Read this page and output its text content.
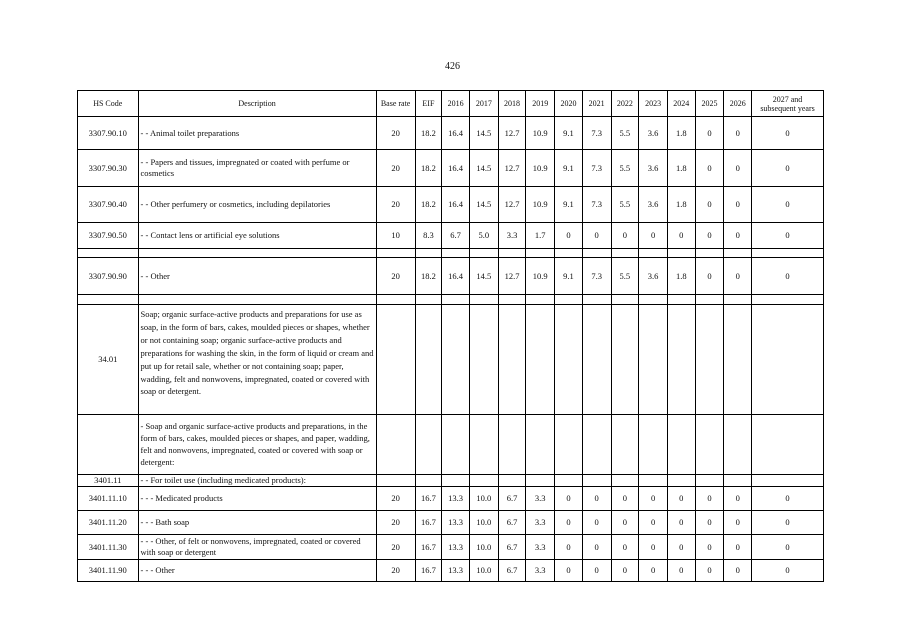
426
HS Code	Description	Base rate	EIF	2016	2017	2018	2019	2020	2021	2022	2023	2024	2025	2026	2027 and subsequent years
3307.90.10	- - Animal toilet preparations	20	18.2	16.4	14.5	12.7	10.9	9.1	7.3	5.5	3.6	1.8	0	0	0
3307.90.30	- - Papers and tissues, impregnated or coated with perfume or cosmetics	20	18.2	16.4	14.5	12.7	10.9	9.1	7.3	5.5	3.6	1.8	0	0	0
3307.90.40	- - Other perfumery or cosmetics, including depilatories	20	18.2	16.4	14.5	12.7	10.9	9.1	7.3	5.5	3.6	1.8	0	0	0
3307.90.50	- - Contact lens or artificial eye solutions	10	8.3	6.7	5.0	3.3	1.7	0	0	0	0	0	0	0	0

3307.90.90	- - Other	20	18.2	16.4	14.5	12.7	10.9	9.1	7.3	5.5	3.6	1.8	0	0	0

34.01	Soap; organic surface-active products and preparations for use as soap, in the form of bars, cakes, moulded pieces or shapes, whether or not containing soap; organic surface-active products and preparations for washing the skin, in the form of liquid or cream and put up for retail sale, whether or not containing soap; paper, wadding, felt and nonwovens, impregnated, coated or covered with soap or detergent.														
	- Soap and organic surface-active products and preparations, in the form of bars, cakes, moulded pieces or shapes, and paper, wadding, felt and nonwovens, impregnated, coated or covered with soap or detergent:														
3401.11	- - For toilet use (including medicated products):														
3401.11.10	- - - Medicated products	20	16.7	13.3	10.0	6.7	3.3	0	0	0	0	0	0	0	0
3401.11.20	- - - Bath soap	20	16.7	13.3	10.0	6.7	3.3	0	0	0	0	0	0	0	0
3401.11.30	- - - Other, of felt or nonwovens, impregnated, coated or covered with soap or detergent	20	16.7	13.3	10.0	6.7	3.3	0	0	0	0	0	0	0	0
3401.11.90	- - - Other	20	16.7	13.3	10.0	6.7	3.3	0	0	0	0	0	0	0	0
